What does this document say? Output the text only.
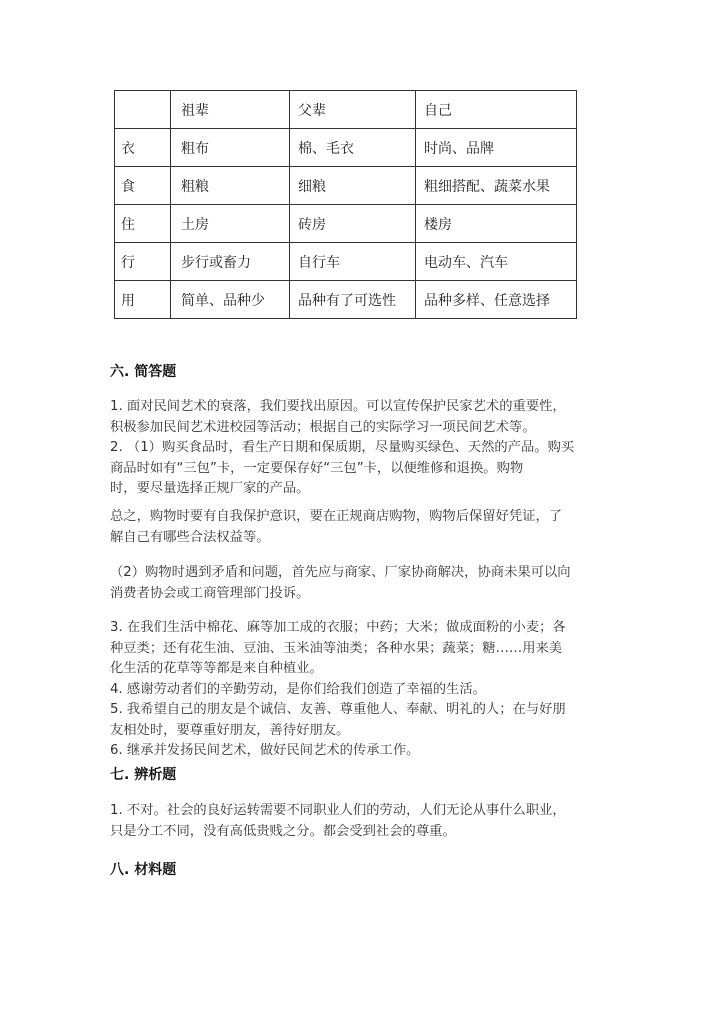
	祖辈	父辈	自己
衣	粗布	棉、毛衣	时尚、品牌
食	粗粮	细粮	粗细搭配、蔬菜水果
住	土房	砖房	楼房
行	步行或畜力	自行车	电动车、汽车
用	简单、品种少	品种有了可选性	品种多样、任意选择
六. 简答题

1. 面对民间艺术的衰落，我们要找出原因。可以宣传保护民家艺术的重要性，

积极参加民间艺术进校园等活动；根据自己的实际学习一项民间艺术等。

2. （1）购买食品时，看生产日期和保质期，尽量购买绿色、天然的产品。购买

商品时如有“三包”卡，一定要保存好“三包”卡，以便维修和退换。购物

时，要尽量选择正规厂家的产品。

总之，购物时要有自我保护意识，要在正规商店购物，购物后保留好凭证，了

解自己有哪些合法权益等。

（2）购物时遇到矛盾和问题，首先应与商家、厂家协商解决，协商未果可以向

消费者协会或工商管理部门投诉。

3. 在我们生活中棉花、麻等加工成的衣服；中药；大米；做成面粉的小麦；各

种豆类；还有花生油、豆油、玉米油等油类；各种水果；蔬菜；糖……用来美

化生活的花草等等都是来自种植业。

4. 感谢劳动者们的辛勤劳动，是你们给我们创造了幸福的生活。

5. 我希望自己的朋友是个诚信、友善、尊重他人、奉献、明礼的人；在与好朋

友相处时，要尊重好朋友，善待好朋友。

6. 继承并发扬民间艺术，做好民间艺术的传承工作。

七. 辨析题

1. 不对。社会的良好运转需要不同职业人们的劳动，人们无论从事什么职业，

只是分工不同，没有高低贵贱之分。都会受到社会的尊重。

八. 材料题
